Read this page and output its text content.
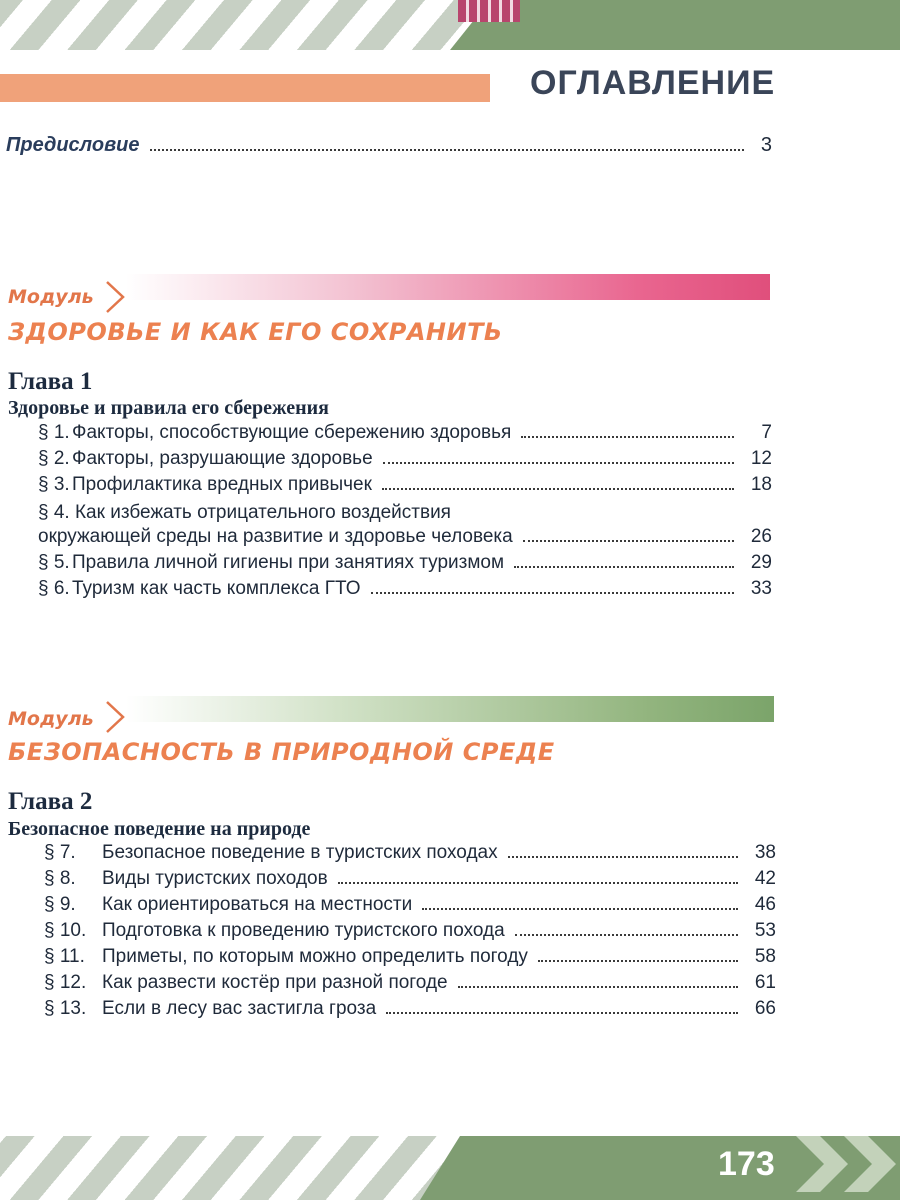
ОГЛАВЛЕНИЕ
Предисловие	3
Модуль
ЗДОРОВЬЕ И КАК ЕГО СОХРАНИТЬ
Глава 1
Здоровье и правила его сбережения
§ 1. Факторы, способствующие сбережению здоровья	7
§ 2. Факторы, разрушающие здоровье	12
§ 3. Профилактика вредных привычек	18
§ 4. Как избежать отрицательного воздействия
окружающей среды на развитие и здоровье человека	26
§ 5. Правила личной гигиены при занятиях туризмом	29
§ 6. Туризм как часть комплекса ГТО	33
Модуль
БЕЗОПАСНОСТЬ В ПРИРОДНОЙ СРЕДЕ
Глава 2
Безопасное поведение на природе
§ 7.	Безопасное поведение в туристских походах	38
§ 8.	Виды туристских походов	42
§ 9.	Как ориентироваться на местности	46
§ 10. Подготовка к проведению туристского похода	53
§ 11. Приметы, по которым можно определить погоду	58
§ 12. Как развести костёр при разной погоде	61
§ 13. Если в лесу вас застигла гроза	66
173
